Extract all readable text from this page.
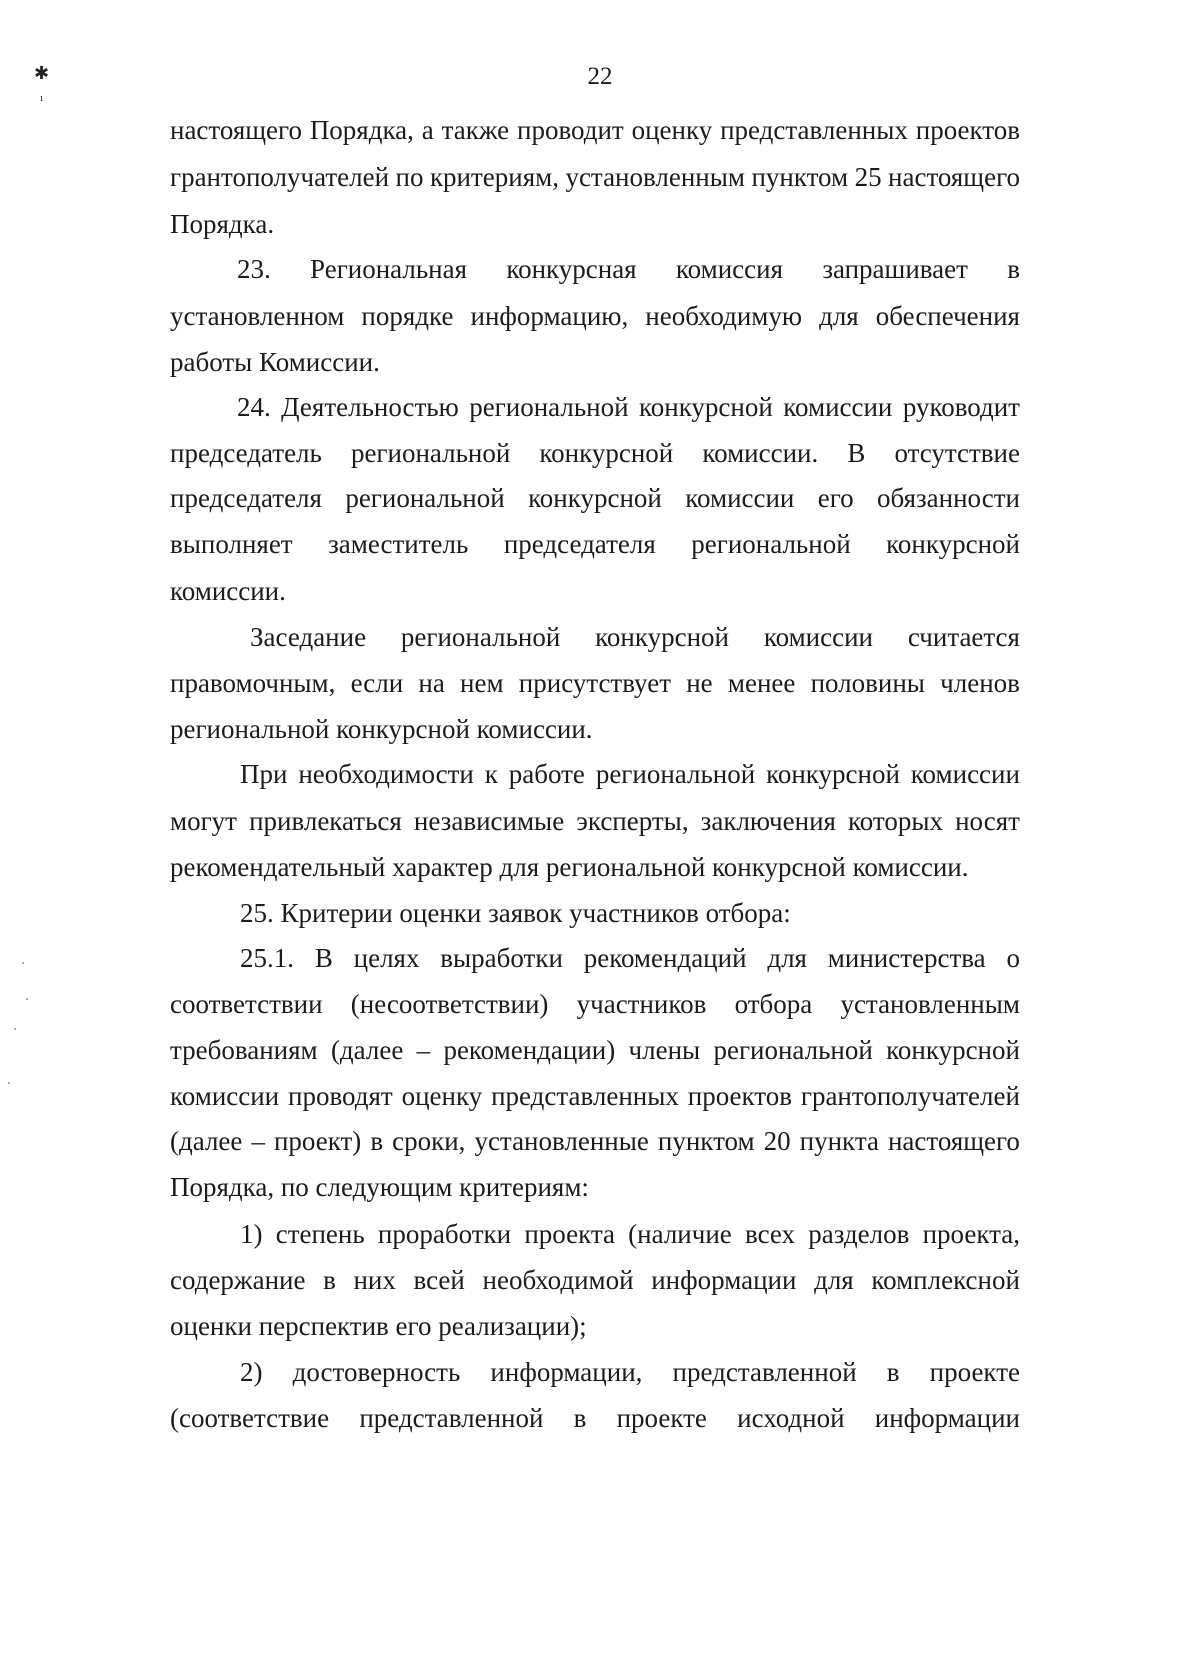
22
✱
ı
настоящего Порядка, а также проводит оценку представленных проектов
грантополучателей по критериям, установленным пунктом 25 настоящего
Порядка.
23. Региональная конкурсная комиссия запрашивает в
установленном порядке информацию, необходимую для обеспечения
работы Комиссии.
24. Деятельностью региональной конкурсной комиссии руководит
председатель региональной конкурсной комиссии. В отсутствие
председателя региональной конкурсной комиссии его обязанности
выполняет заместитель председателя региональной конкурсной
комиссии.
Заседание региональной конкурсной комиссии считается
правомочным, если на нем присутствует не менее половины членов
региональной конкурсной комиссии.
При необходимости к работе региональной конкурсной комиссии
могут привлекаться независимые эксперты, заключения которых носят
рекомендательный характер для региональной конкурсной комиссии.
25. Критерии оценки заявок участников отбора:
25.1. В целях выработки рекомендаций для министерства о
соответствии (несоответствии) участников отбора установленным
требованиям (далее – рекомендации) члены региональной конкурсной
комиссии проводят оценку представленных проектов грантополучателей
(далее – проект) в сроки, установленные пунктом 20 пункта настоящего
Порядка, по следующим критериям:
1) степень проработки проекта (наличие всех разделов проекта,
содержание в них всей необходимой информации для комплексной
оценки перспектив его реализации);
2) достоверность информации, представленной в проекте
(соответствие представленной в проекте исходной информации
